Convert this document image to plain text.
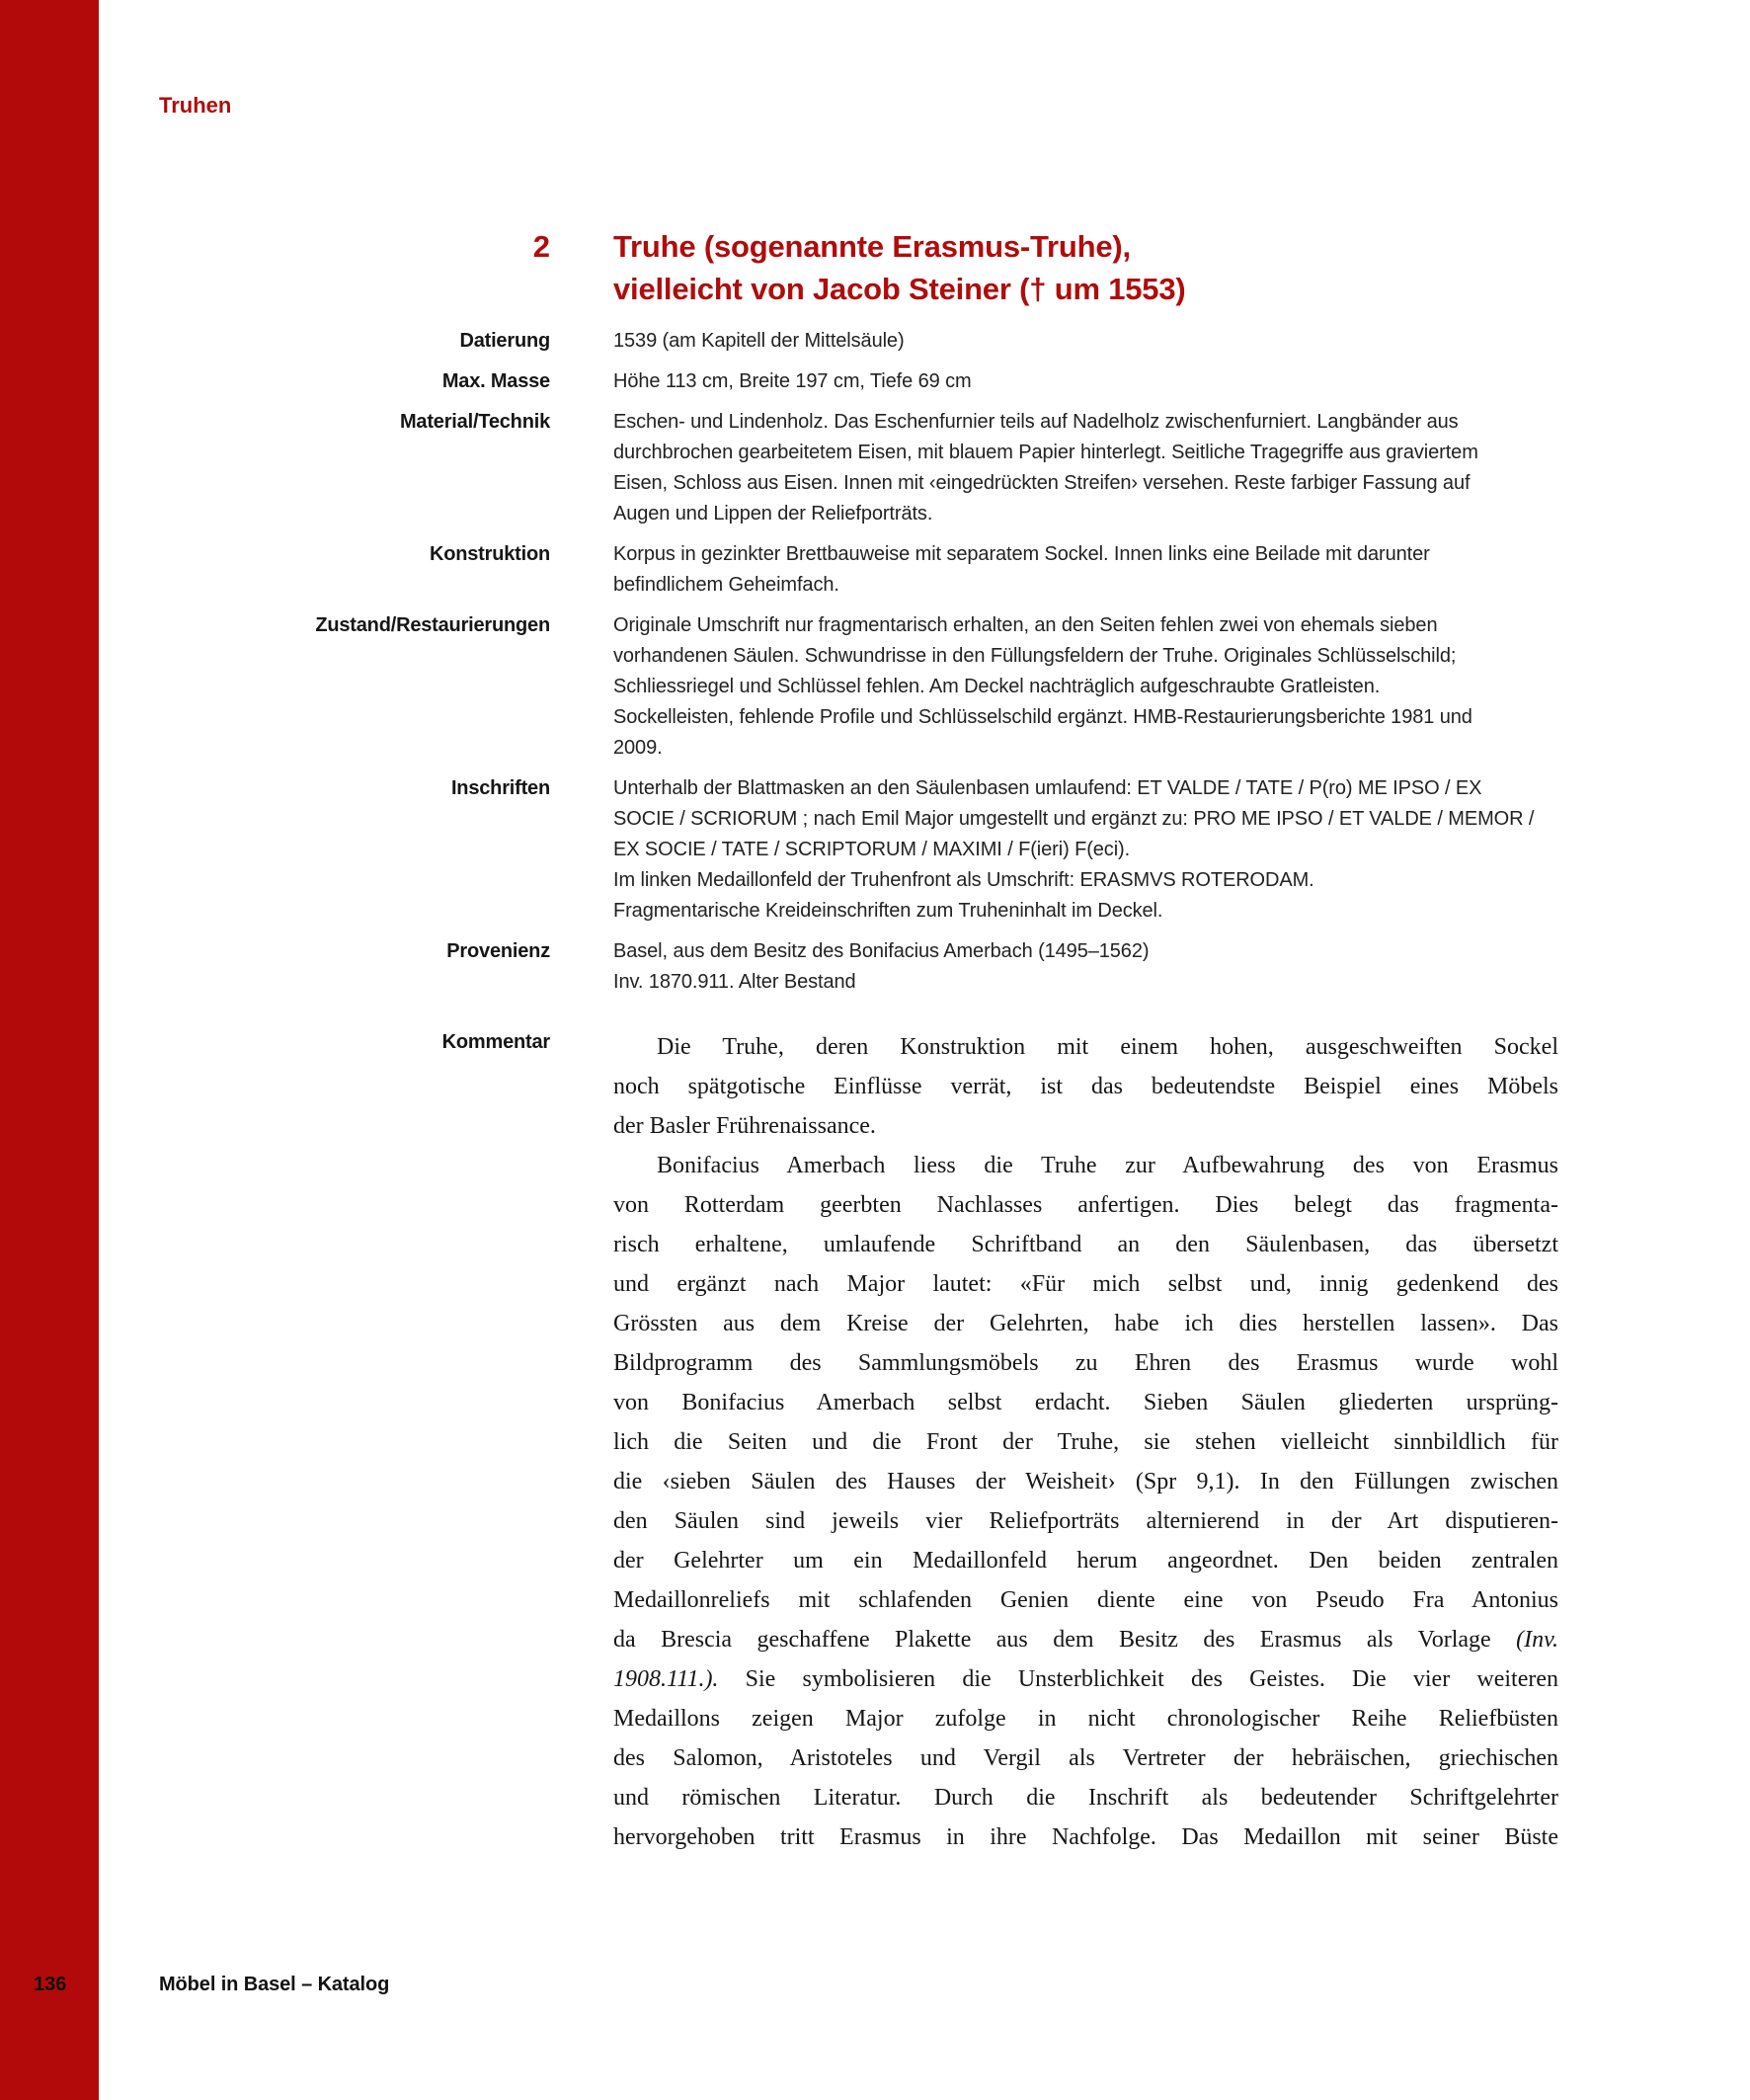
Truhen
2 Truhe (sogenannte Erasmus-Truhe),
vielleicht von Jacob Steiner († um 1553)
Datierung	1539 (am Kapitell der Mittelsäule)
Max. Masse	Höhe 113 cm, Breite 197 cm, Tiefe 69 cm
Material/Technik	Eschen- und Lindenholz. Das Eschenfurnier teils auf Nadelholz zwischenfurniert. Langbänder aus
durchbrochen gearbeitetem Eisen, mit blauem Papier hinterlegt. Seitliche Tragegriffe aus graviertem
Eisen, Schloss aus Eisen. Innen mit ‹eingedrückten Streifen› versehen. Reste farbiger Fassung auf
Augen und Lippen der Reliefporträts.
Konstruktion	Korpus in gezinkter Brettbauweise mit separatem Sockel. Innen links eine Beilade mit darunter
befindlichem Geheimfach.
Zustand/Restaurierungen	Originale Umschrift nur fragmentarisch erhalten, an den Seiten fehlen zwei von ehemals sieben
vorhandenen Säulen. Schwundrisse in den Füllungsfeldern der Truhe. Originales Schlüsselschild;
Schliessriegel und Schlüssel fehlen. Am Deckel nachträglich aufgeschraubte Gratleisten.
Sockelleisten, fehlende Profile und Schlüsselschild ergänzt. HMB-Restaurierungsberichte 1981 und
2009.
Inschriften	Unterhalb der Blattmasken an den Säulenbasen umlaufend: ET VALDE / TATE / P(ro) ME IPSO / EX
SOCIE / SCRIORUM ; nach Emil Major umgestellt und ergänzt zu: PRO ME IPSO / ET VALDE / MEMOR /
EX SOCIE / TATE / SCRIPTORUM / MAXIMI / F(ieri) F(eci).
Im linken Medaillonfeld der Truhenfront als Umschrift: ERASMVS ROTERODAM.
Fragmentarische Kreideinschriften zum Truheninhalt im Deckel.
Provenienz	Basel, aus dem Besitz des Bonifacius Amerbach (1495–1562)
Inv. 1870.911. Alter Bestand
Kommentar	Die Truhe, deren Konstruktion mit einem hohen, ausgeschweiften Sockel
noch spätgotische Einflüsse verrät, ist das bedeutendste Beispiel eines Möbels
der Basler Frührenaissance.
Bonifacius Amerbach liess die Truhe zur Aufbewahrung des von Erasmus
von Rotterdam geerbten Nachlasses anfertigen. Dies belegt das fragmenta-
risch erhaltene, umlaufende Schriftband an den Säulenbasen, das übersetzt
und ergänzt nach Major lautet: «Für mich selbst und, innig gedenkend des
Grössten aus dem Kreise der Gelehrten, habe ich dies herstellen lassen». Das
Bildprogramm des Sammlungsmöbels zu Ehren des Erasmus wurde wohl
von Bonifacius Amerbach selbst erdacht. Sieben Säulen gliederten ursprüng-
lich die Seiten und die Front der Truhe, sie stehen vielleicht sinnbildlich für
die ‹sieben Säulen des Hauses der Weisheit› (Spr 9,1). In den Füllungen zwischen
den Säulen sind jeweils vier Reliefporträts alternierend in der Art disputieren-
der Gelehrter um ein Medaillonfeld herum angeordnet. Den beiden zentralen
Medaillonreliefs mit schlafenden Genien diente eine von Pseudo Fra Antonius
da Brescia geschaffene Plakette aus dem Besitz des Erasmus als Vorlage (Inv.
1908.111.). Sie symbolisieren die Unsterblichkeit des Geistes. Die vier weiteren
Medaillons zeigen Major zufolge in nicht chronologischer Reihe Reliefbüsten
des Salomon, Aristoteles und Vergil als Vertreter der hebräischen, griechischen
und römischen Literatur. Durch die Inschrift als bedeutender Schriftgelehrter
hervorgehoben tritt Erasmus in ihre Nachfolge. Das Medaillon mit seiner Büste
136	Möbel in Basel – Katalog
